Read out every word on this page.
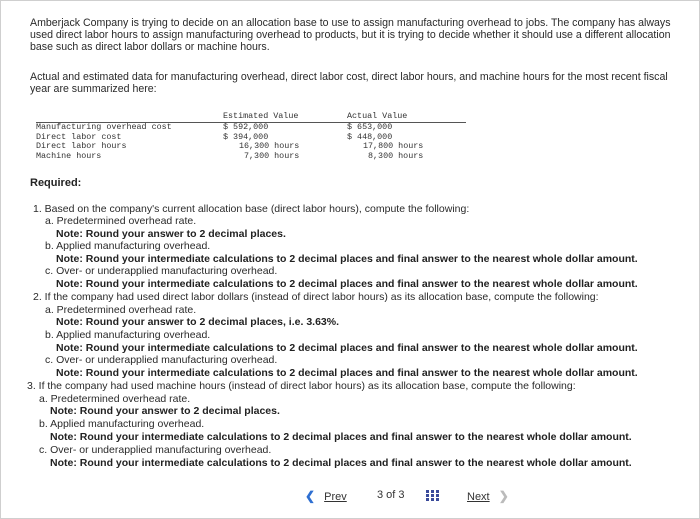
Amberjack Company is trying to decide on an allocation base to use to assign manufacturing overhead to jobs. The company has always used direct labor hours to assign manufacturing overhead to products, but it is trying to decide whether it should use a different allocation base such as direct labor dollars or machine hours.
Actual and estimated data for manufacturing overhead, direct labor cost, direct labor hours, and machine hours for the most recent fiscal year are summarized here:
	Estimated Value	Actual Value
Manufacturing overhead cost	$ 592,000	$ 653,000
Direct labor cost	$ 394,000	$ 448,000
Direct labor hours	16,300 hours	17,800 hours
Machine hours	7,300 hours	8,300 hours
Required:
1. Based on the company's current allocation base (direct labor hours), compute the following:
a. Predetermined overhead rate.
Note: Round your answer to 2 decimal places.
b. Applied manufacturing overhead.
Note: Round your intermediate calculations to 2 decimal places and final answer to the nearest whole dollar amount.
c. Over- or underapplied manufacturing overhead.
Note: Round your intermediate calculations to 2 decimal places and final answer to the nearest whole dollar amount.
2. If the company had used direct labor dollars (instead of direct labor hours) as its allocation base, compute the following:
a. Predetermined overhead rate.
Note: Round your answer to 2 decimal places, i.e. 3.63%.
b. Applied manufacturing overhead.
Note: Round your intermediate calculations to 2 decimal places and final answer to the nearest whole dollar amount.
c. Over- or underapplied manufacturing overhead.
Note: Round your intermediate calculations to 2 decimal places and final answer to the nearest whole dollar amount.
3. If the company had used machine hours (instead of direct labor hours) as its allocation base, compute the following:
a. Predetermined overhead rate.
Note: Round your answer to 2 decimal places.
b. Applied manufacturing overhead.
Note: Round your intermediate calculations to 2 decimal places and final answer to the nearest whole dollar amount.
c. Over- or underapplied manufacturing overhead.
Note: Round your intermediate calculations to 2 decimal places and final answer to the nearest whole dollar amount.
❮ Prev	3 of 3	Next ❯
